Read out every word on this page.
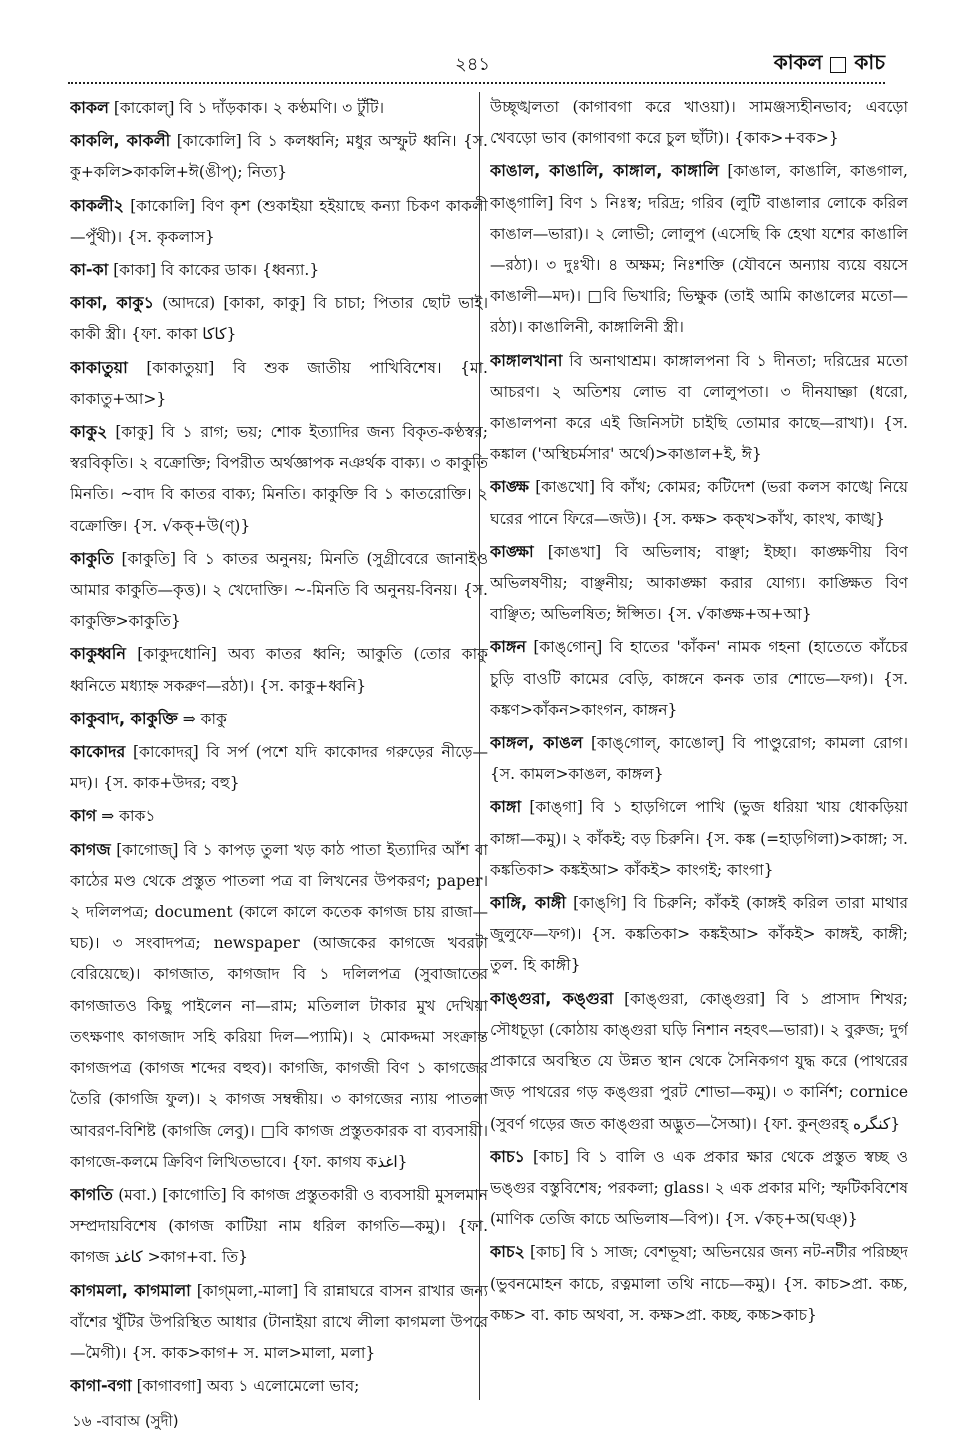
২৪১	কাকল কাচ

কাকল [কাকোল্] বি ১ দাঁড়কাক। ২ কণ্ঠমণি। ৩ টুঁটি।

কাকলি, কাকলী [কাকোলি] বি ১ কলধ্বনি; মধুর অস্ফুট ধ্বনি। {স. কু+কলি>কাকলি+ঈ(ঙীপ্); নিত্য}

কাকলী২ [কাকোলি] বিণ কৃশ (শুকাইয়া হইয়াছে কন্যা চিকণ কাকলী—পুঁথী)। {স. কৃকলাস}

কা-কা [কাকা] বি কাকের ডাক। {ধ্বন্যা.}

কাকা, কাকু১ (আদরে) [কাকা, কাকু] বি চাচা; পিতার ছোট ভাই। কাকী স্ত্রী। {ফা. কাকা کاکا}

কাকাতুয়া [কাকাতুয়া] বি শুক জাতীয় পাখিবিশেষ। {মা. কাকাতু+আ>}

কাকু২ [কাকু] বি ১ রাগ; ভয়; শোক ইত্যাদির জন্য বিকৃত-কণ্ঠস্বর; স্বরবিকৃতি। ২ বক্রোক্তি; বিপরীত অর্থজ্ঞাপক নঞর্থক বাক্য। ৩ কাকুতি মিনতি। ~বাদ বি কাতর বাক্য; মিনতি। কাকুক্তি বি ১ কাতরোক্তি। ২ বক্রোক্তি। {স. √কক্+উ(ণ্)}

কাকুতি [কাকুতি] বি ১ কাতর অনুনয়; মিনতি (সুগ্রীবেরে জানাইও আমার কাকুতি—কৃত্ত)। ২ খেদোক্তি। ~-মিনতি বি অনুনয়-বিনয়। {স. কাকুক্তি>কাকুতি}

কাকুধ্বনি [কাকুদধোনি] অব্য কাতর ধ্বনি; আকুতি (তোর কাকু ধ্বনিতে মধ্যাহ্ন সকরুণ—রঠা)। {স. কাকু+ধ্বনি}

কাকুবাদ, কাকুক্তি ⇒ কাকু

কাকোদর [কাকোদর্] বি সর্প (পশে যদি কাকোদর গরুড়ের নীড়ে—মদ)। {স. কাক+উদর; বহু}

কাগ ⇒ কাক১

কাগজ [কাগোজ্] বি ১ কাপড় তুলা খড় কাঠ পাতা ইত্যাদির আঁশ বা কাঠের মণ্ড থেকে প্রস্তুত পাতলা পত্র বা লিখনের উপকরণ; paper। ২ দলিলপত্র; document (কালে কালে কতেক কাগজ চায় রাজা—ঘচ)। ৩ সংবাদপত্র; newspaper (আজকের কাগজে খবরটা বেরিয়েছে)। কাগজাত, কাগজাদ বি ১ দলিলপত্র (সুবাজাতের কাগজাতও কিছু পাইলেন না—রাম; মতিলাল টাকার মুখ দেখিয়া তৎক্ষণাৎ কাগজাদ সহি করিয়া দিল—প্যামি)। ২ মোকদ্দমা সংক্রান্ত কাগজপত্র (কাগজ শব্দের বহুব)। কাগজি, কাগজী বিণ ১ কাগজের তৈরি (কাগজি ফুল)। ২ কাগজ সম্বন্ধীয়। ৩ কাগজের ন্যায় পাতলা আবরণ-বিশিষ্ট (কাগজি লেবু)। □বি কাগজ প্রস্তুতকারক বা ব্যবসায়ী। কাগজে-কলমে ক্রিবিণ লিখিতভাবে। {ফা. কাগয কاغذ}

কাগতি (মবা.) [কাগোতি] বি কাগজ প্রস্তুতকারী ও ব্যবসায়ী মুসলমান সম্প্রদায়বিশেষ (কাগজ কাটিয়া নাম ধরিল কাগতি—কমু)। {ফা. কাগজ کاغذ >কাগ+বা. তি}

কাগমলা, কাগমালা [কাগ্‌মলা,-মালা] বি রান্নাঘরে বাসন রাখার জন্য বাঁশের খুঁটির উপরিস্থিত আধার (টানাইয়া রাখে লীলা কাগমলা উপরে—মৈগী)। {স. কাক>কাগ+ স. মাল>মালা, মলা}

কাগা-বগা [কাগাবগা] অব্য ১ এলোমেলো ভাব;

উচ্ছৃঙ্খলতা (কাগাবগা করে খাওয়া)। সামঞ্জস্যহীনভাব; এবড়ো খেবড়ো ভাব (কাগাবগা করে চুল ছাঁটা)। {কাক>+বক>}

কাঙাল, কাঙালি, কাঙ্গাল, কাঙ্গালি [কাঙাল, কাঙালি, কাঙগাল, কাঙ্‌গালি] বিণ ১ নিঃস্ব; দরিদ্র; গরিব (লুটি বাঙালার লোকে করিল কাঙাল—ভারা)। ২ লোভী; লোলুপ (এসেছি কি হেথা যশের কাঙালি—রঠা)। ৩ দুঃখী। ৪ অক্ষম; নিঃশক্তি (যৌবনে অন্যায় ব্যয়ে বয়সে কাঙালী—মদ)। □বি ভিখারি; ভিক্ষুক (তাই আমি কাঙালের মতো—রঠা)। কাঙালিনী, কাঙ্গালিনী স্ত্রী।

কাঙ্গালখানা বি অনাথাশ্রম। কাঙ্গালপনা বি ১ দীনতা; দরিদ্রের মতো আচরণ। ২ অতিশয় লোভ বা লোলুপতা। ৩ দীনযাচ্ঞা (ধরো, কাঙালপনা করে এই জিনিসটা চাইছি তোমার কাছে—রাখা)। {স. কঙ্কাল ('অস্থিচর্মসার' অর্থে)>কাঙাল+ই, ঈ}

কাঙ্ক্ষ [কাঙখো] বি কাঁখ; কোমর; কটিদেশ (ভরা কলস কাঙ্খে নিয়ে ঘরের পানে ফিরে—জউ)। {স. কক্ষ> কক্‌খ>কাঁখ, কাংখ, কাঙ্খ}

কাঙ্ক্ষা [কাঙখা] বি অভিলাষ; বাঞ্ছা; ইচ্ছা। কাঙ্ক্ষণীয় বিণ অভিলষণীয়; বাঞ্ছনীয়; আকাঙ্ক্ষা করার যোগ্য। কাঙ্ক্ষিত বিণ বাঞ্ছিত; অভিলষিত; ঈপ্সিত। {স. √কাঙ্ক্ষ+অ+আ}

কাঙ্গন [কাঙ্‌গোন্] বি হাতের 'কাঁকন' নামক গহনা (হাতেতে কাঁচের চুড়ি বাওটি কামের বেড়ি, কাঙ্গনে কনক তার শোভে—ফগ)। {স. কঙ্কণ>কাঁকন>কাংগন, কাঙ্গন}

কাঙ্গল, কাঙল [কাঙ্‌গোল্, কাঙোল্] বি পাণ্ডুরোগ; কামলা রোগ। {স. কামল>কাঙল, কাঙ্গল}

কাঙ্গা [কাঙ্‌গা] বি ১ হাড়গিলে পাখি (ভুজ ধরিয়া খায় ধোকড়িয়া কাঙ্গা—কমু)। ২ কাঁকই; বড় চিরুনি। {স. কঙ্ক (=হাড়গিলা)>কাঙ্গা; স. কঙ্কতিকা> কঙ্কইআ> কাঁকই> কাংগই; কাংগা}

কাঙ্গি, কাঙ্গী [কাঙ্‌গি] বি চিরুনি; কাঁকই (কাঙ্গই করিল তারা মাথার জুলুফে—ফগ)। {স. কঙ্কতিকা> কঙ্কইআ> কাঁকই> কাঙ্গই, কাঙ্গী; তুল. হি কাঙ্গী}

কাঙ্গুরা, কঙ্গুরা [কাঙ্‌গুরা, কোঙ্‌গুরা] বি ১ প্রাসাদ শিখর; সৌধচূড়া (কোঠায় কাঙ্গুরা ঘড়ি নিশান নহবৎ—ভারা)। ২ বুরুজ; দুর্গ প্রাকারে অবস্থিত যে উন্নত স্থান থেকে সৈনিকগণ যুদ্ধ করে (পাথরের জড় পাথরের গড় কঙ্গুরা পুরট শোভা—কমু)। ৩ কার্নিশ; cornice (সুবর্ণ গড়ের জত কাঙ্গুরা অদ্ভুত—সৈআ)। {ফা. কুন্‌গুরহ্ کنگره}

কাচ১ [কাচ] বি ১ বালি ও এক প্রকার ক্ষার থেকে প্রস্তুত স্বচ্ছ ও ভঙ্গুর বস্তুবিশেষ; পরকলা; glass। ২ এক প্রকার মণি; স্ফটিকবিশেষ (মাণিক তেজি কাচে অভিলাষ—বিপ)। {স. √কচ্+অ(ঘঞ্)}

কাচ২ [কাচ] বি ১ সাজ; বেশভূষা; অভিনয়ের জন্য নট-নটীর পরিচ্ছদ (ভুবনমোহন কাচে, রত্নমালা তথি নাচে—কমু)। {স. কাচ>প্রা. কচ্চ, কচ্চ> বা. কাচ অথবা, স. কক্ষ>প্রা. কচ্ছ, কচ্চ>কাচ}

১৬ -বাবাঅ (সুদী)
